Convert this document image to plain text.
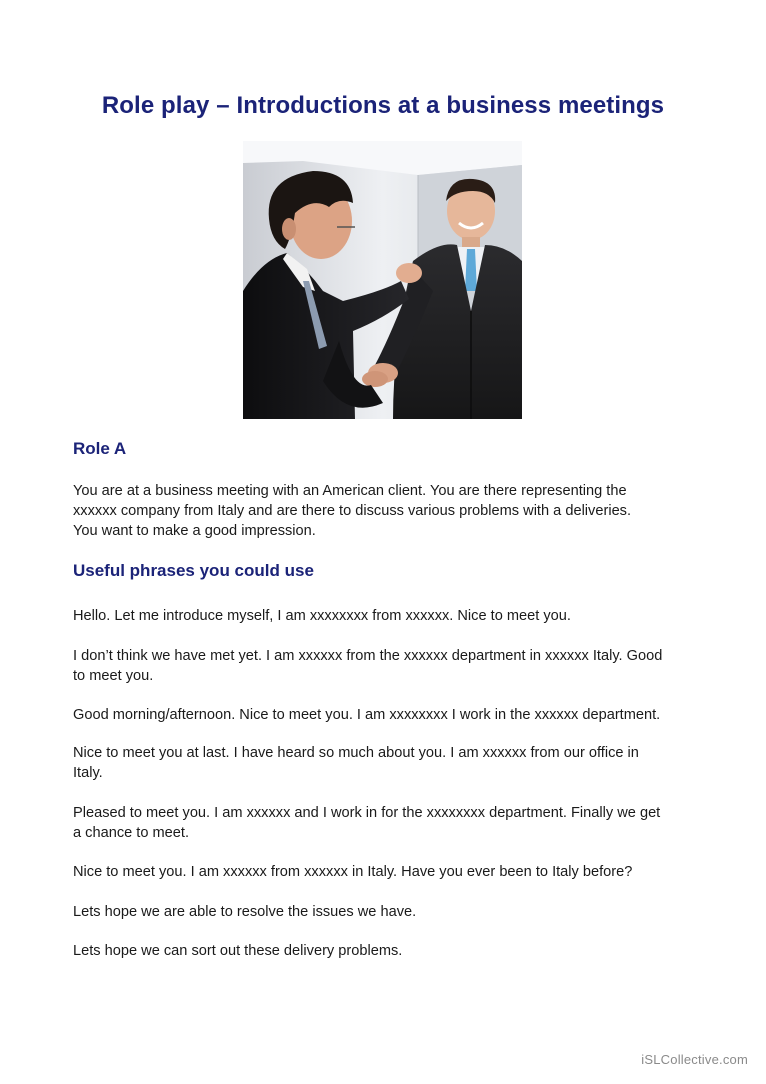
Role play – Introductions at a business meetings
Role A
You are at a business meeting with an American client. You are there representing the
xxxxxx company from Italy and are there to discuss various problems with a deliveries.
You want to make a good impression.
Useful phrases you could use
Hello. Let me introduce myself, I am xxxxxxxx from xxxxxx. Nice to meet you.
I don’t think we have met yet. I am xxxxxx from the xxxxxx department in xxxxxx Italy. Good
to meet you.
Good morning/afternoon. Nice to meet you. I am xxxxxxxx I work in the xxxxxx department.
Nice to meet you at last. I have heard so much about you. I am xxxxxx from our office in
Italy.
Pleased to meet you. I am xxxxxx and I work in for the xxxxxxxx department. Finally we get
a chance to meet.
Nice to meet you. I am xxxxxx from xxxxxx in Italy. Have you ever been to Italy before?
Lets hope we are able to resolve the issues we have.
Lets hope we can sort out these delivery problems.
iSLCollective.com
